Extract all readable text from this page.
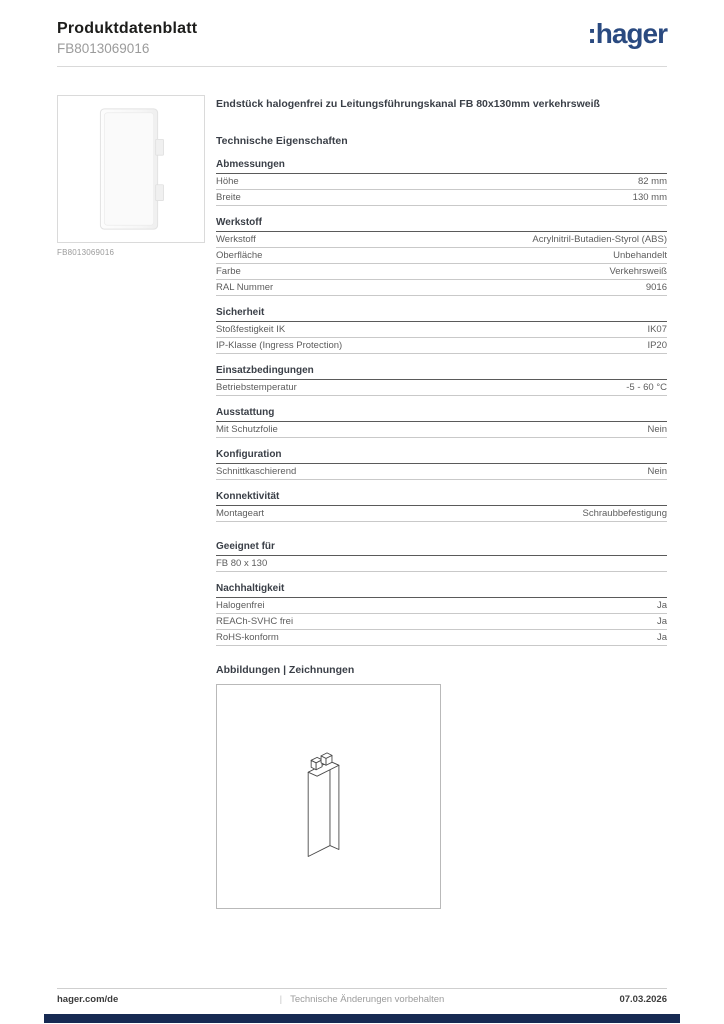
Produktdatenblatt
FB8013069016	:hager
FB8013069016
Endstück halogenfrei zu Leitungsführungskanal FB 80x130mm verkehrsweiß
Technische Eigenschaften
Abmessungen
Höhe	82 mm
Breite	130 mm
Werkstoff
Werkstoff	Acrylnitril-Butadien-Styrol (ABS)
Oberfläche	Unbehandelt
Farbe	Verkehrsweiß
RAL Nummer	9016
Sicherheit
Stoßfestigkeit IK	IK07
IP-Klasse (Ingress Protection)	IP20
Einsatzbedingungen
Betriebstemperatur	-5 - 60 °C
Ausstattung
Mit Schutzfolie	Nein
Konfiguration
Schnittkaschierend	Nein
Konnektivität
Montageart	Schraubbefestigung
Geeignet für
FB 80 x 130
Nachhaltigkeit
Halogenfrei	Ja
REACh-SVHC frei	Ja
RoHS-konform	Ja
Abbildungen | Zeichnungen
hager.com/de	| Technische Änderungen vorbehalten	07.03.2026
